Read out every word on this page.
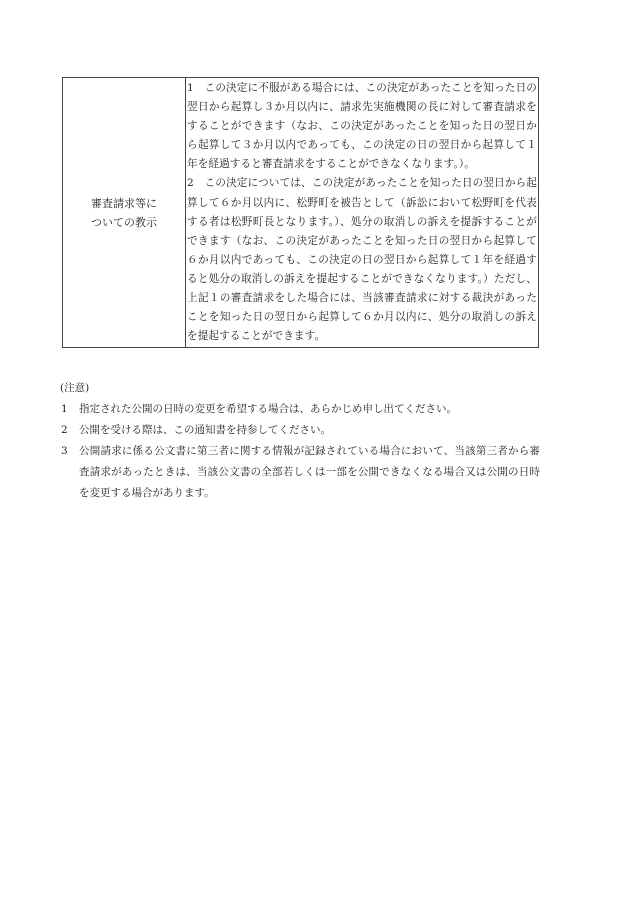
審査請求等に
ついての教示

1　この決定に不服がある場合には、この決定があったことを知った日の翌日から起算し３か月以内に、請求先実施機関の長に対して審査請求をすることができます（なお、この決定があったことを知った日の翌日から起算して３か月以内であっても、この決定の日の翌日から起算して１年を経過すると審査請求をすることができなくなります。）。

2　この決定については、この決定があったことを知った日の翌日から起算して６か月以内に、松野町を被告として（訴訟において松野町を代表する者は松野町長となります。）、処分の取消しの訴えを提訴することができます（なお、この決定があったことを知った日の翌日から起算して６か月以内であっても、この決定の日の翌日から起算して１年を経過すると処分の取消しの訴えを提起することができなくなります。）ただし、上記１の審査請求をした場合には、当該審査請求に対する裁決があったことを知った日の翌日から起算して６か月以内に、処分の取消しの訴えを提起することができます。

(注意)

1	指定された公開の日時の変更を希望する場合は、あらかじめ申し出てください。
2	公開を受ける際は、この通知書を持参してください。
3	公開請求に係る公文書に第三者に関する情報が記録されている場合において、当該第三者から審査請求があったときは、当該公文書の全部若しくは一部を公開できなくなる場合又は公開の日時を変更する場合があります。
